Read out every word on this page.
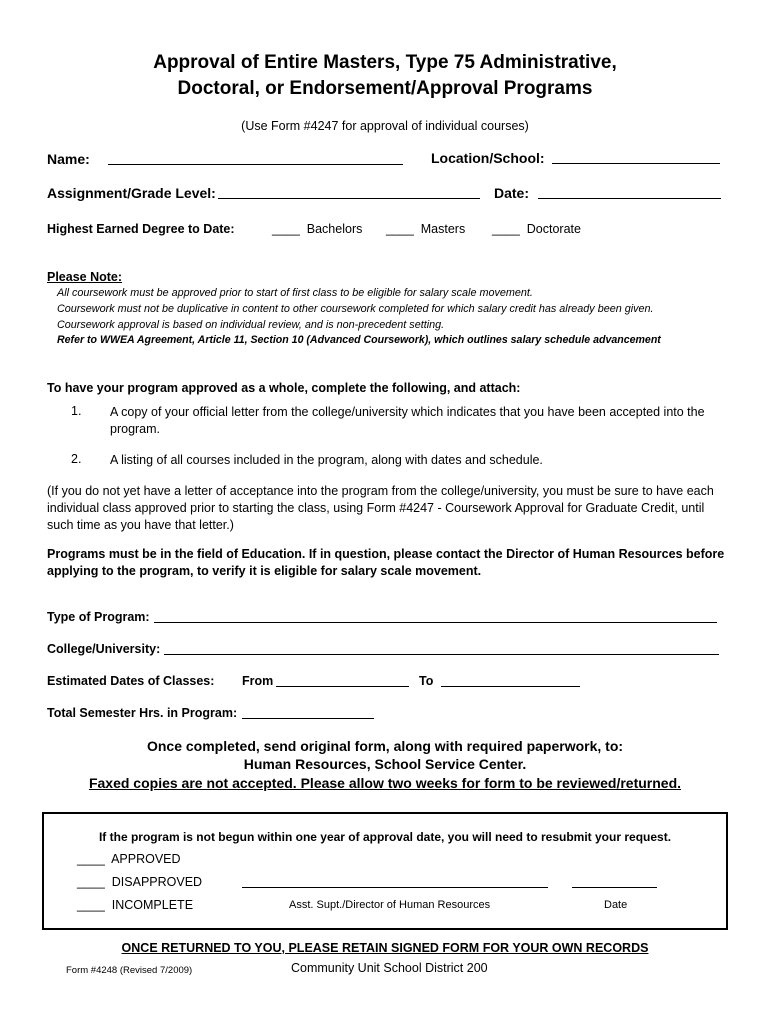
Approval of Entire Masters, Type 75 Administrative,
Doctoral, or Endorsement/Approval Programs
(Use Form #4247 for approval of individual courses)
Name:	Location/School:
Assignment/Grade Level:	Date:
Highest Earned Degree to Date:	____ Bachelors ____ Masters ____ Doctorate
Please Note:
All coursework must be approved prior to start of first class to be eligible for salary scale movement.
Coursework must not be duplicative in content to other coursework completed for which salary credit has already been given.
Coursework approval is based on individual review, and is non-precedent setting.
Refer to WWEA Agreement, Article 11, Section 10 (Advanced Coursework), which outlines salary schedule advancement
To have your program approved as a whole, complete the following, and attach:
1. A copy of your official letter from the college/university which indicates that you have been accepted into the program.
2. A listing of all courses included in the program, along with dates and schedule.
(If you do not yet have a letter of acceptance into the program from the college/university, you must be sure to have each individual class approved prior to starting the class, using Form #4247 - Coursework Approval for Graduate Credit, until such time as you have that letter.)
Programs must be in the field of Education. If in question, please contact the Director of Human Resources before applying to the program, to verify it is eligible for salary scale movement.
Type of Program:
College/University:
Estimated Dates of Classes: From	To
Total Semester Hrs. in Program:
Once completed, send original form, along with required paperwork, to:
Human Resources, School Service Center.
Faxed copies are not accepted. Please allow two weeks for form to be reviewed/returned.
If the program is not begun within one year of approval date, you will need to resubmit your request.
____ APPROVED
____ DISAPPROVED
____ INCOMPLETE	Asst. Supt./Director of Human Resources	Date
ONCE RETURNED TO YOU, PLEASE RETAIN SIGNED FORM FOR YOUR OWN RECORDS
Form #4248 (Revised 7/2009)	Community Unit School District 200
